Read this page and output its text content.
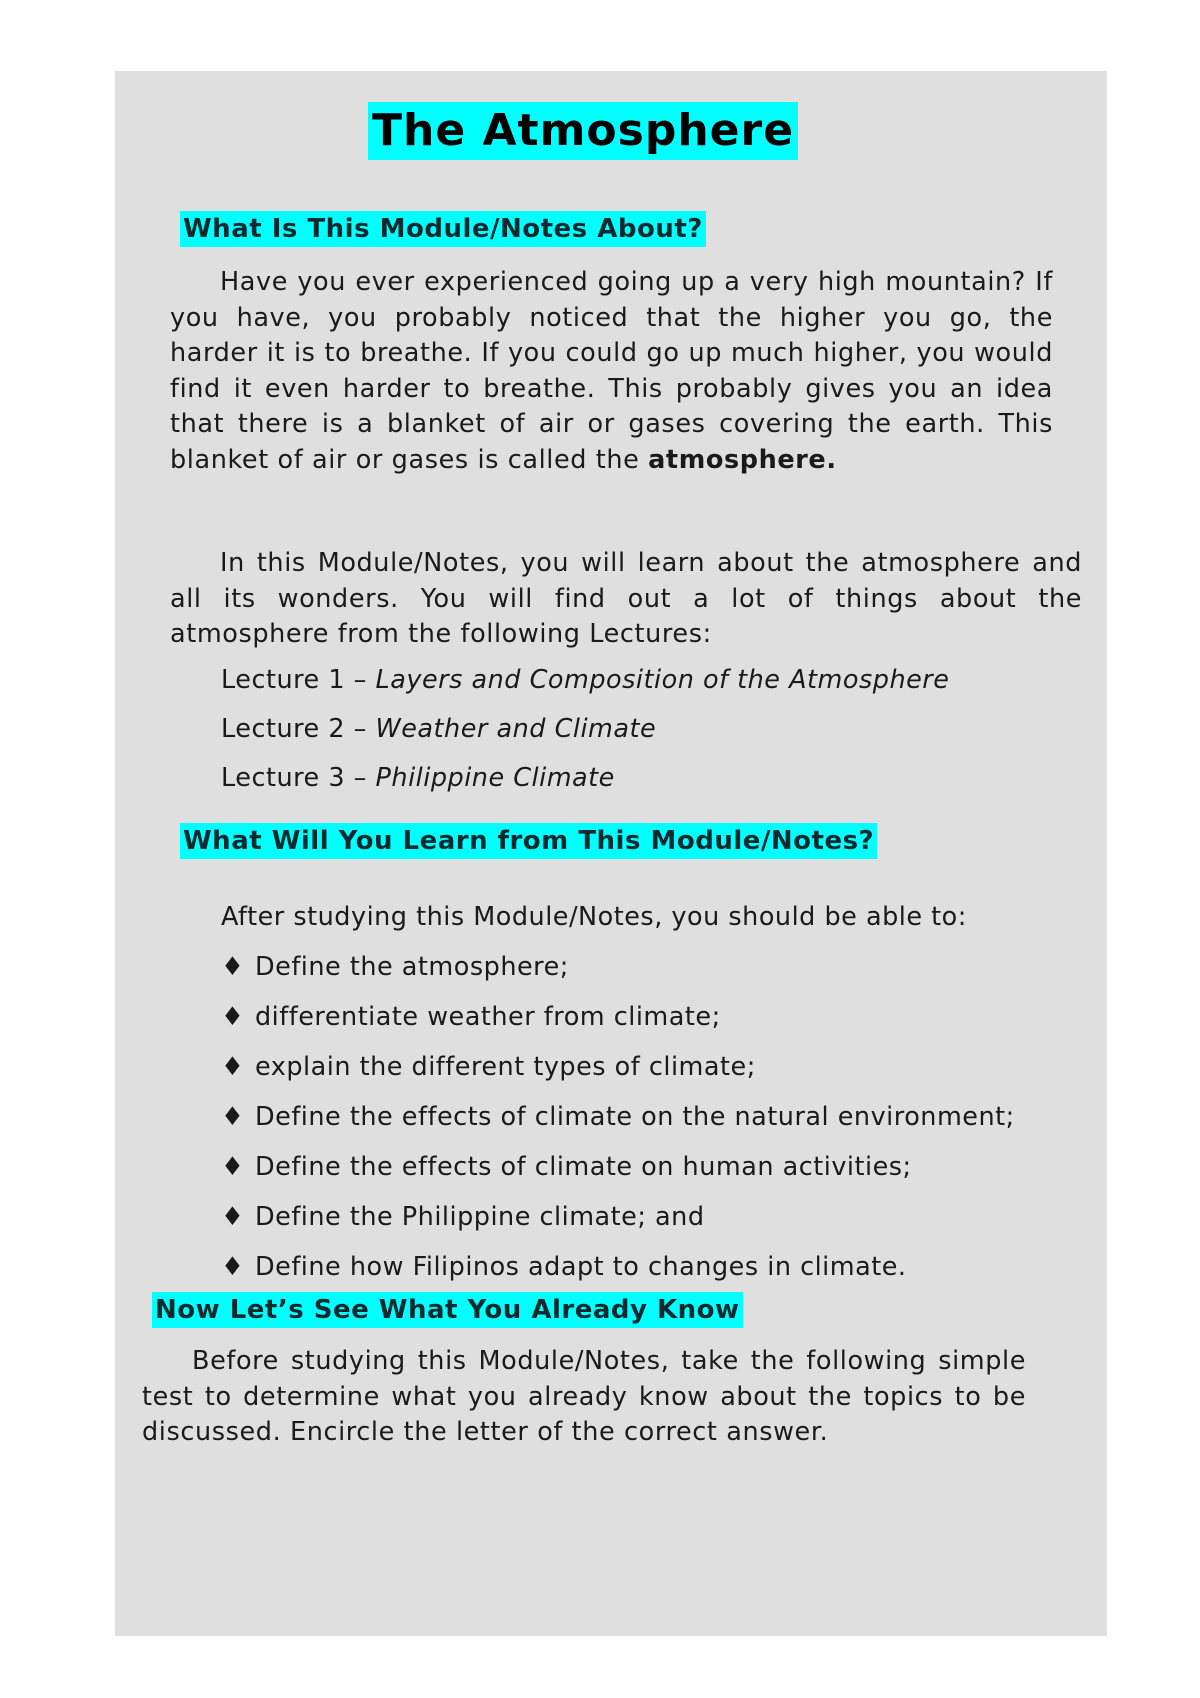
The Atmosphere
What Is This Module/Notes About?

Have you ever experienced going up a very high mountain? If you have, you probably noticed that the higher you go, the harder it is to breathe. If you could go up much higher, you would find it even harder to breathe. This probably gives you an idea that there is a blanket of air or gases covering the earth. This blanket of air or gases is called the atmosphere.

In this Module/Notes, you will learn about the atmosphere and all its wonders. You will find out a lot of things about the atmosphere from the following Lectures:

Lecture 1 – Layers and Composition of the Atmosphere
Lecture 2 – Weather and Climate
Lecture 3 – Philippine Climate
What Will You Learn from This Module/Notes?
After studying this Module/Notes, you should be able to:
♦ Define the atmosphere;
♦ differentiate weather from climate;
♦ explain the different types of climate;
♦ Define the effects of climate on the natural environment;
♦ Define the effects of climate on human activities;
♦ Define the Philippine climate; and
♦ Define how Filipinos adapt to changes in climate.
Now Let’s See What You Already Know

Before studying this Module/Notes, take the following simple test to determine what you already know about the topics to be discussed. Encircle the letter of the correct answer.
